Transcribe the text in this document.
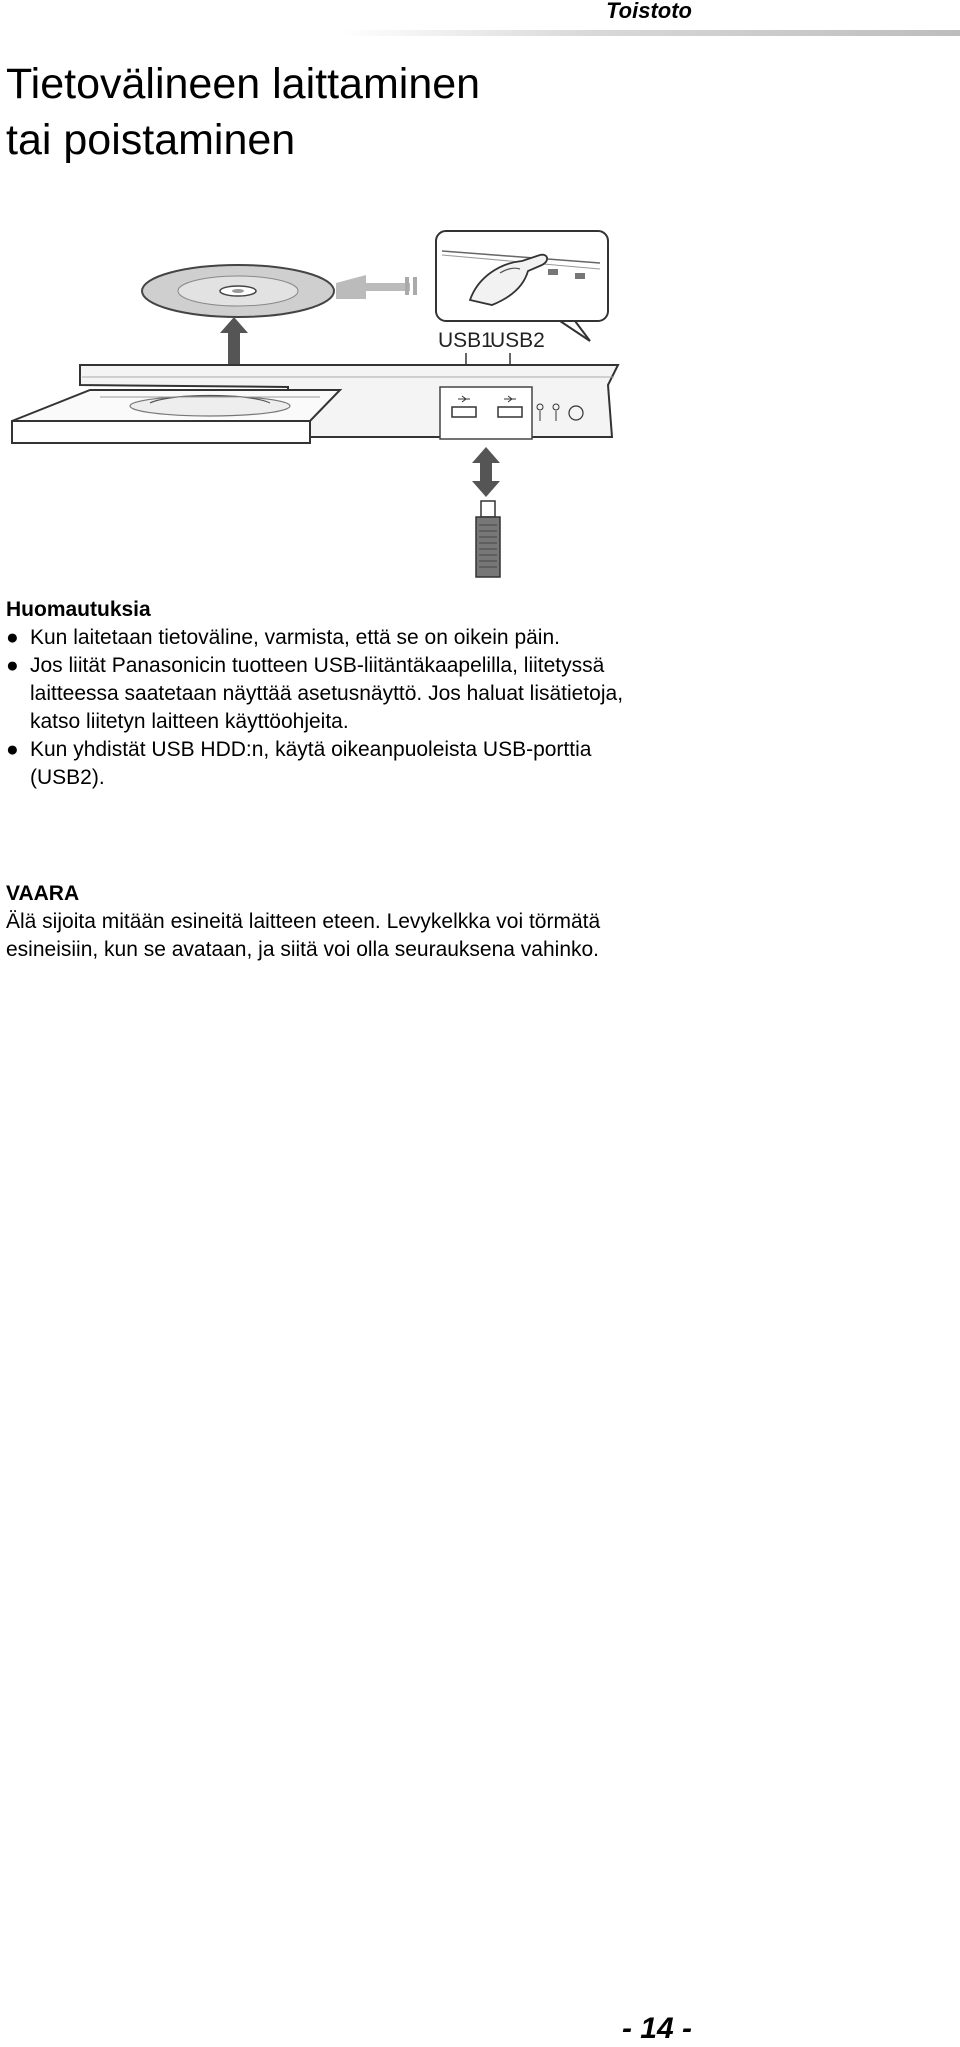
Toistoto
Tietovälineen laittaminen
tai poistaminen
USB1
USB2

Huomautuksia

● Kun laitetaan tietoväline, varmista, että se on oikein päin.
● Jos liität Panasonicin tuotteen USB-liitäntäkaapelilla, liitetyssä laitteessa saatetaan näyttää asetusnäyttö. Jos haluat lisätietoja, katso liitetyn laitteen käyttöohjeita.
● Kun yhdistät USB HDD:n, käytä oikeanpuoleista USB-porttia (USB2).

VAARA

Älä sijoita mitään esineitä laitteen eteen. Levykelkka voi törmätä esineisiin, kun se avataan, ja siitä voi olla seurauksena vahinko.

- 14 -
